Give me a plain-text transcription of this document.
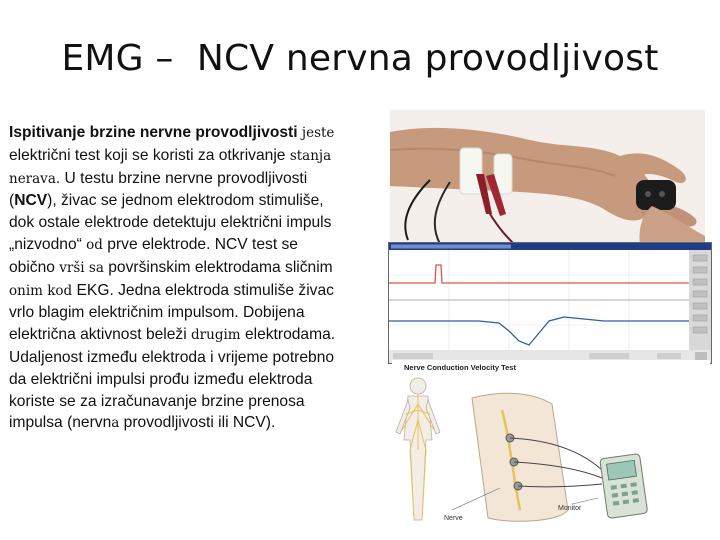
EMG –  NCV nervna provodljivost
Ispitivanje brzine nervne provodljivosti jeste električni test koji se koristi za otkrivanje stanja nerava. U testu brzine nervne provodljivosti (NCV), živac se jednom elektrodom stimuliše, dok ostale elektrode detektuju električni impuls „nizvodno“ od prve elektrode. NCV test se obično vrši sa površinskim elektrodama sličnim onim kod EKG. Jedna elektroda stimuliše živac vrlo blagim električnim impulsom. Dobijena električna aktivnost beleži drugim elektrodama. Udaljenost između elektroda i vrijeme potrebno da električni impulsi prođu između elektroda koriste se za izračunavanje brzine prenosa impulsa (nervna provodljivosti ili NCV).
Nerve Conduction Velocity Test
Nerve
Monitor
